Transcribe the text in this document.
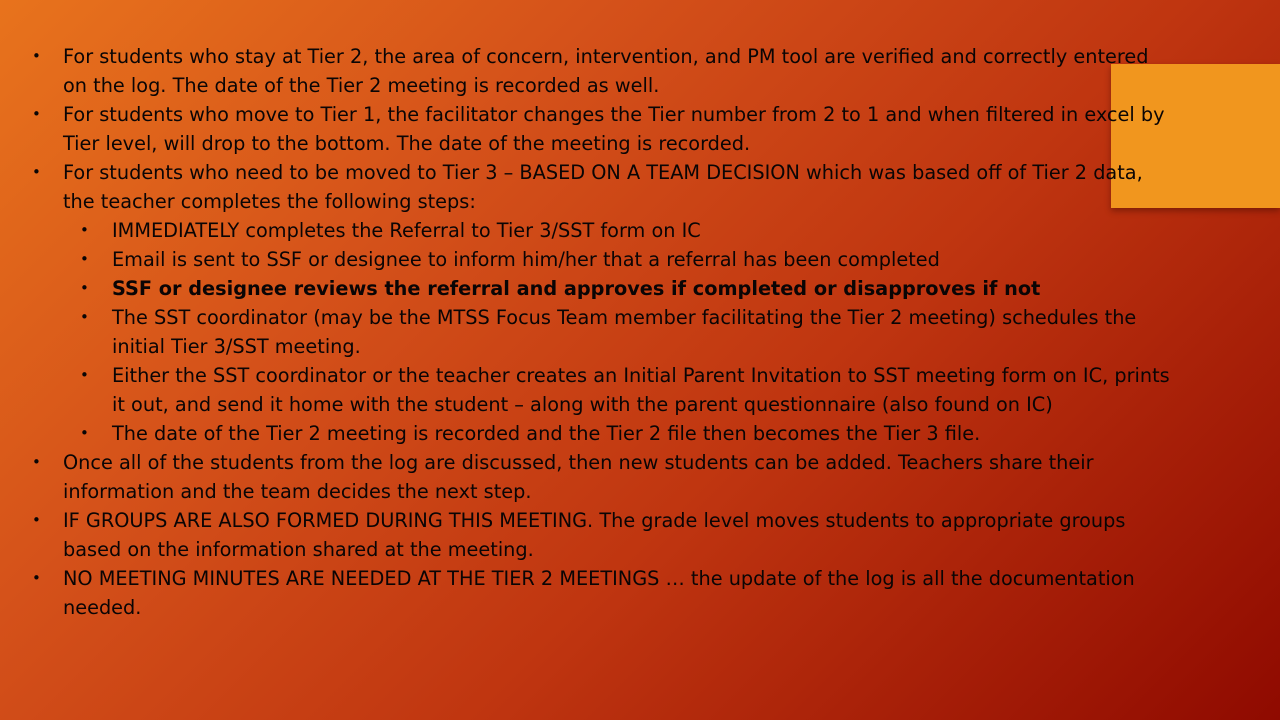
• For students who stay at Tier 2, the area of concern, intervention, and PM tool are verified and correctly entered on the log. The date of the Tier 2 meeting is recorded as well.
• For students who move to Tier 1, the facilitator changes the Tier number from 2 to 1 and when filtered in excel by Tier level, will drop to the bottom. The date of the meeting is recorded.
• For students who need to be moved to Tier 3 – BASED ON A TEAM DECISION which was based off of Tier 2 data, the teacher completes the following steps:
• IMMEDIATELY completes the Referral to Tier 3/SST form on IC
• Email is sent to SSF or designee to inform him/her that a referral has been completed
• SSF or designee reviews the referral and approves if completed or disapproves if not
• The SST coordinator (may be the MTSS Focus Team member facilitating the Tier 2 meeting) schedules the initial Tier 3/SST meeting.
• Either the SST coordinator or the teacher creates an Initial Parent Invitation to SST meeting form on IC, prints it out, and send it home with the student – along with the parent questionnaire (also found on IC)
• The date of the Tier 2 meeting is recorded and the Tier 2 file then becomes the Tier 3 file.
• Once all of the students from the log are discussed, then new students can be added. Teachers share their information and the team decides the next step.
• IF GROUPS ARE ALSO FORMED DURING THIS MEETING. The grade level moves students to appropriate groups based on the information shared at the meeting.
• NO MEETING MINUTES ARE NEEDED AT THE TIER 2 MEETINGS … the update of the log is all the documentation needed.
